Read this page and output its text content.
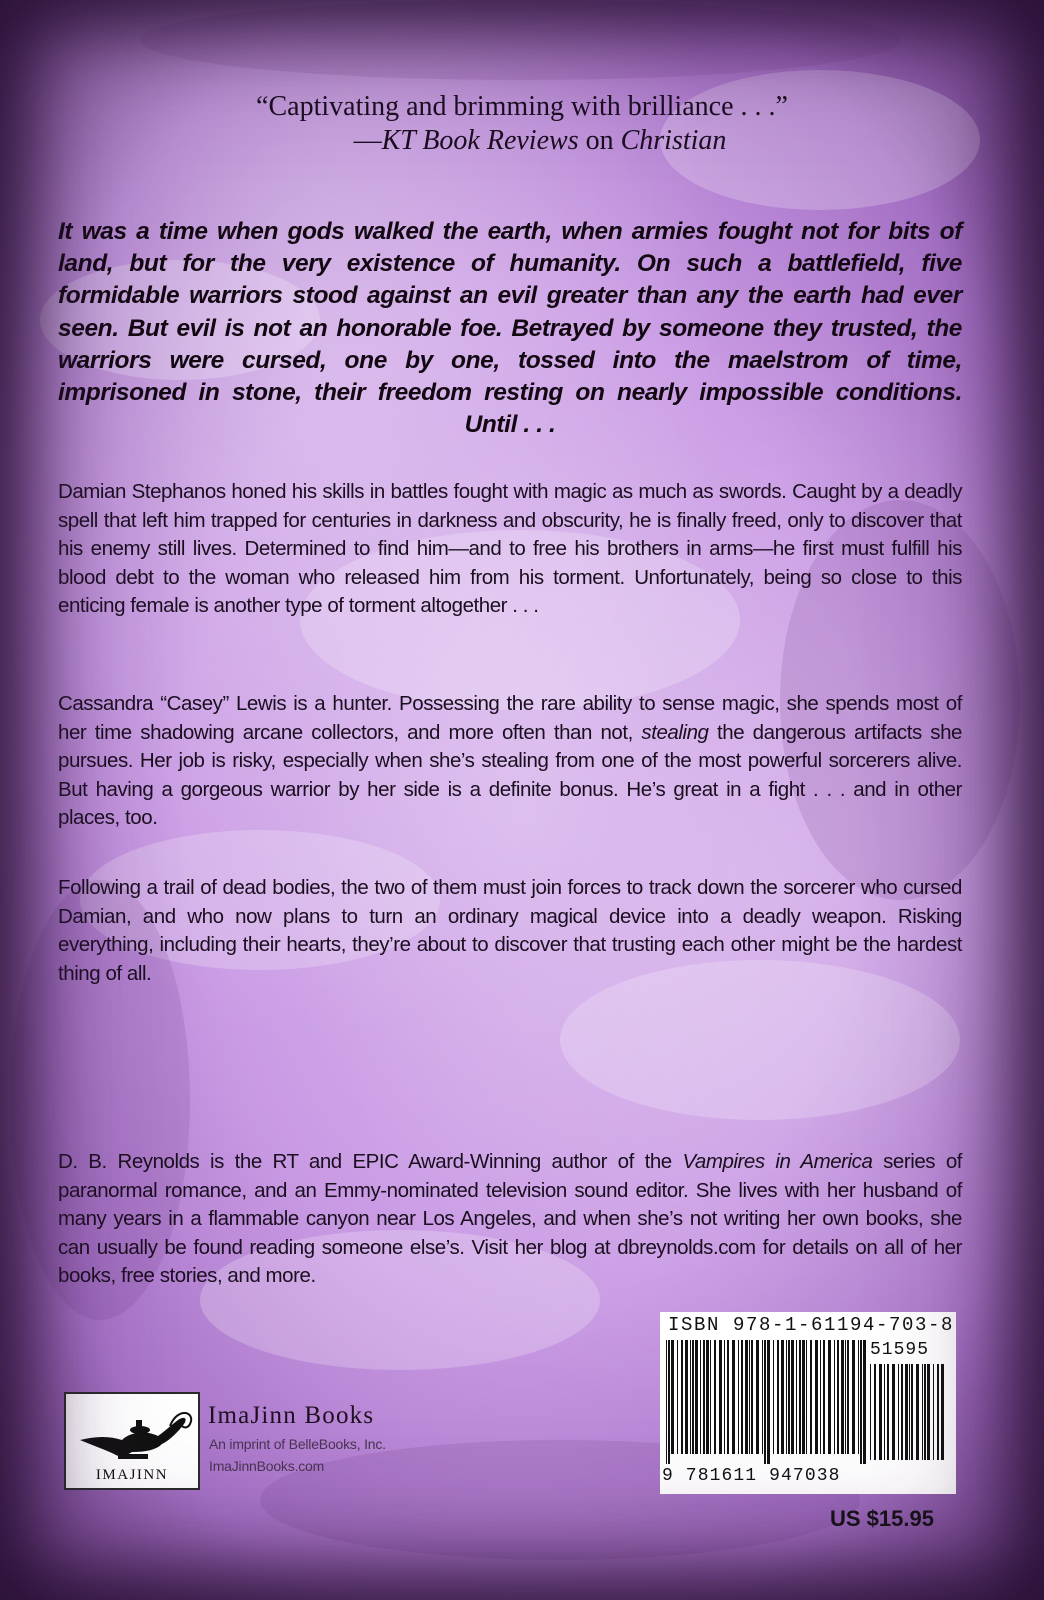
“Captivating and brimming with brilliance . . .”
—KT Book Reviews on Christian
It was a time when gods walked the earth, when armies fought not for bits of land, but for the very existence of humanity. On such a battlefield, five formidable warriors stood against an evil greater than any the earth had ever seen. But evil is not an honorable foe. Betrayed by someone they trusted, the warriors were cursed, one by one, tossed into the maelstrom of time, imprisoned in stone, their freedom resting on nearly impossible conditions. Until . . .
Damian Stephanos honed his skills in battles fought with magic as much as swords. Caught by a deadly spell that left him trapped for centuries in darkness and obscurity, he is finally freed, only to discover that his enemy still lives. Determined to find him—and to free his brothers in arms—he first must fulfill his blood debt to the woman who released him from his torment. Unfortunately, being so close to this enticing female is another type of torment altogether . . .
Cassandra “Casey” Lewis is a hunter. Possessing the rare ability to sense magic, she spends most of her time shadowing arcane collectors, and more often than not, stealing the dangerous artifacts she pursues. Her job is risky, especially when she’s stealing from one of the most powerful sorcerers alive. But having a gorgeous warrior by her side is a definite bonus. He’s great in a fight . . . and in other places, too.
Following a trail of dead bodies, the two of them must join forces to track down the sorcerer who cursed Damian, and who now plans to turn an ordinary magical device into a deadly weapon. Risking everything, including their hearts, they’re about to discover that trusting each other might be the hardest thing of all.
D. B. Reynolds is the RT and EPIC Award-Winning author of the Vampires in America series of paranormal romance, and an Emmy-nominated television sound editor. She lives with her husband of many years in a flammable canyon near Los Angeles, and when she’s not writing her own books, she can usually be found reading someone else’s. Visit her blog at dbreynolds.com for details on all of her books, free stories, and more.
IMAJINN
ImaJinn Books
An imprint of BelleBooks, Inc.
ImaJinnBooks.com
ISBN 978-1-61194-703-8
51595
9 781611 947038
US $15.95
